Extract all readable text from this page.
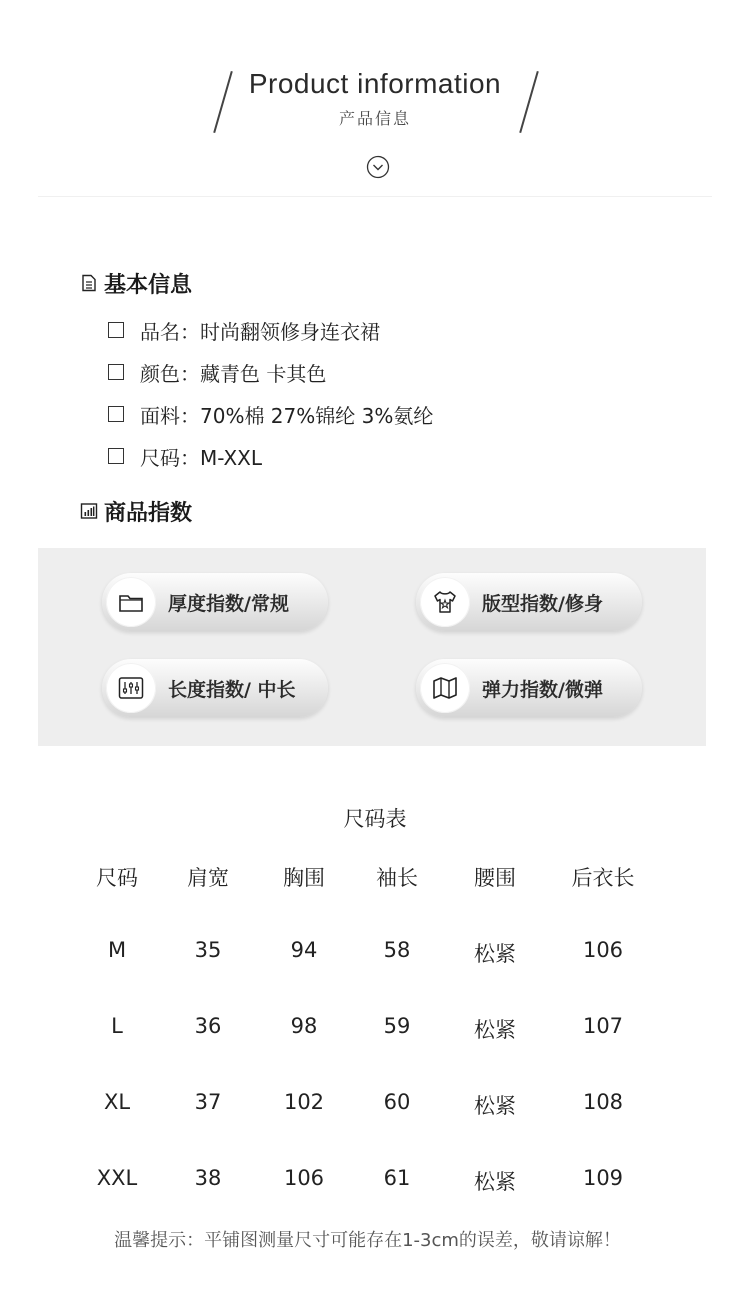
Product information
产品信息
基本信息
品名：时尚翻领修身连衣裙
颜色：藏青色 卡其色
面料：70%棉 27%锦纶 3%氨纶
尺码：M-XXL
商品指数
厚度指数/常规	版型指数/修身
长度指数/ 中长	弹力指数/微弹
尺码表
尺码	肩宽	胸围	袖长	腰围	后衣长
M	35	94	58	松紧	106
L	36	98	59	松紧	107
XL	37	102	60	松紧	108
XXL	38	106	61	松紧	109
温馨提示：平铺图测量尺寸可能存在1-3cm的误差，敬请谅解！
